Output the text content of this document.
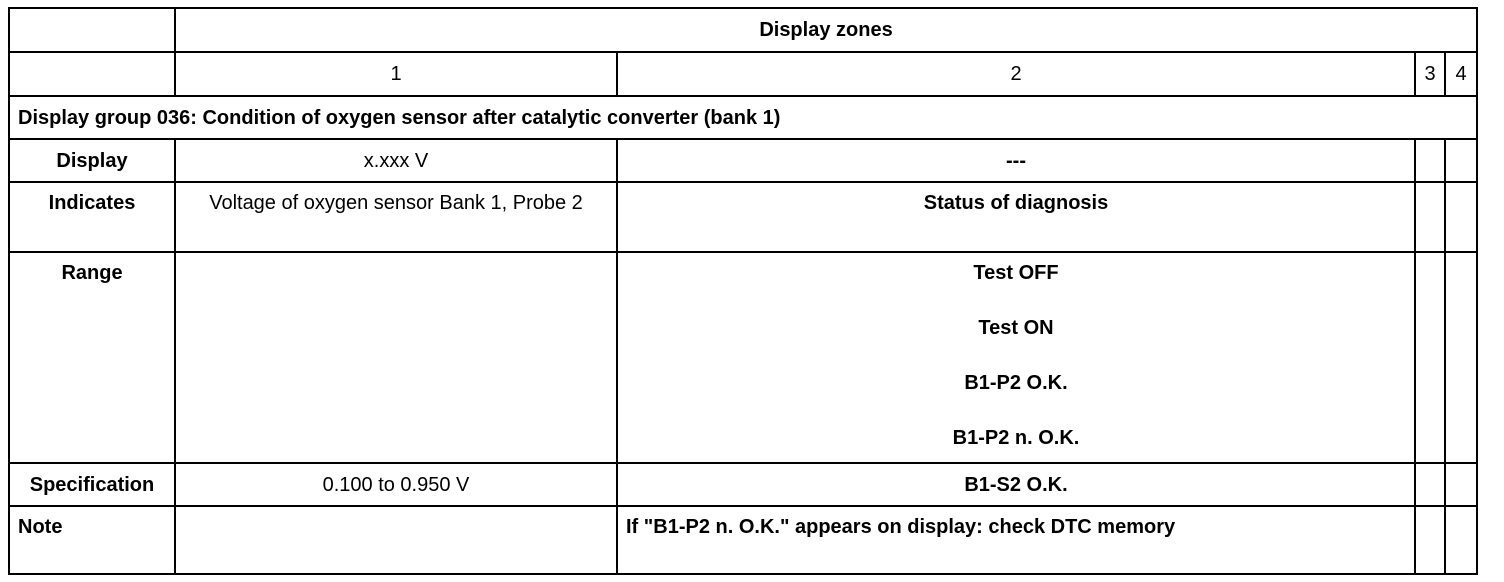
	Display zones			
	1	2	3	4
Display group 036: Condition of oxygen sensor after catalytic converter (bank 1)				
Display	x.xxx V	---		
Indicates	Voltage of oxygen sensor Bank 1, Probe 2	Status of diagnosis		
Range		Test OFF
Test ON
B1-P2 O.K.
B1-P2 n. O.K.		

Specification	0.100 to 0.950 V	B1-S2 O.K.		
Note		If "B1-P2 n. O.K." appears on display: check DTC memory		
